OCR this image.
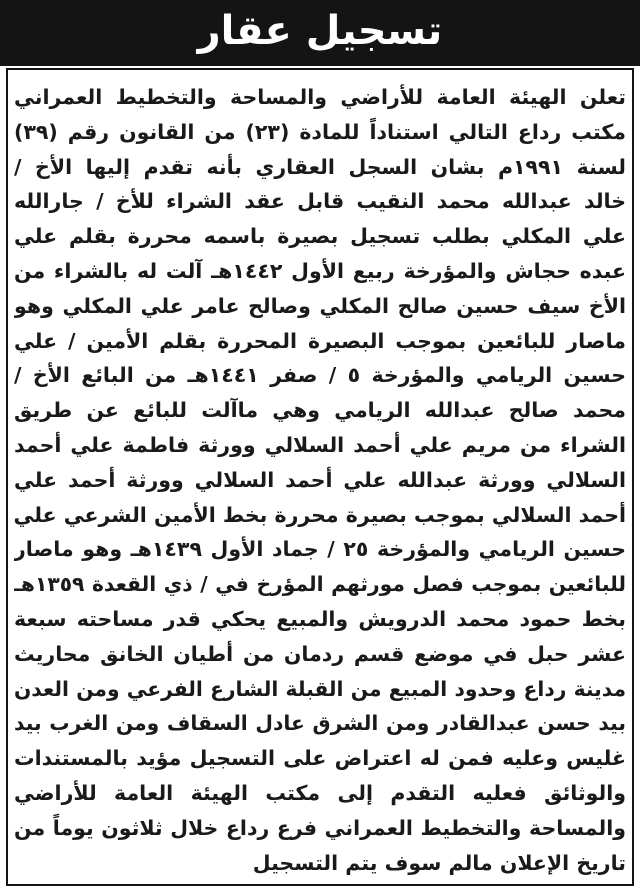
تسجيل عقار
تعلن الهيئة العامة للأراضي والمساحة والتخطيط العمراني
مكتب رداع التالي استناداً للمادة (٢٣) من القانون رقم (٣٩)
لسنة ١٩٩١م بشان السجل العقاري بأنه تقدم إليها الأخ /
خالد عبدالله محمد النقيب قابل عقد الشراء للأخ / جارالله
علي المكلي بطلب تسجيل بصيرة باسمه محررة بقلم علي
عبده حجاش والمؤرخة ربيع الأول ١٤٤٢هـ آلت له بالشراء من
الأخ سيف حسين صالح المكلي وصالح عامر علي المكلي وهو
ماصار للبائعين بموجب البصيرة المحررة بقلم الأمين / علي
حسين الريامي والمؤرخة ٥ / صفر ١٤٤١هـ من البائع الأخ /
محمد صالح عبدالله الريامي وهي ماآلت للبائع عن طريق
الشراء من مريم علي أحمد السلالي وورثة فاطمة علي أحمد
السلالي وورثة عبدالله علي أحمد السلالي وورثة أحمد علي
أحمد السلالي بموجب بصيرة محررة بخط الأمين الشرعي علي
حسين الريامي والمؤرخة ٢٥ / جماد الأول ١٤٣٩هـ وهو ماصار
للبائعين بموجب فصل مورثهم المؤرخ في / ذي القعدة ١٣٥٩هـ
بخط حمود محمد الدرويش والمبيع يحكي قدر مساحته سبعة
عشر حبل في موضع قسم ردمان من أطيان الخانق محاريث
مدينة رداع وحدود المبيع من القبلة الشارع الفرعي ومن العدن
بيد حسن عبدالقادر ومن الشرق عادل السقاف ومن الغرب بيد
غليس وعليه فمن له اعتراض على التسجيل مؤيد بالمستندات
والوثائق فعليه التقدم إلى مكتب الهيئة العامة للأراضي
والمساحة والتخطيط العمراني فرع رداع خلال ثلاثون يوماً من
تاريخ الإعلان مالم سوف يتم التسجيل
